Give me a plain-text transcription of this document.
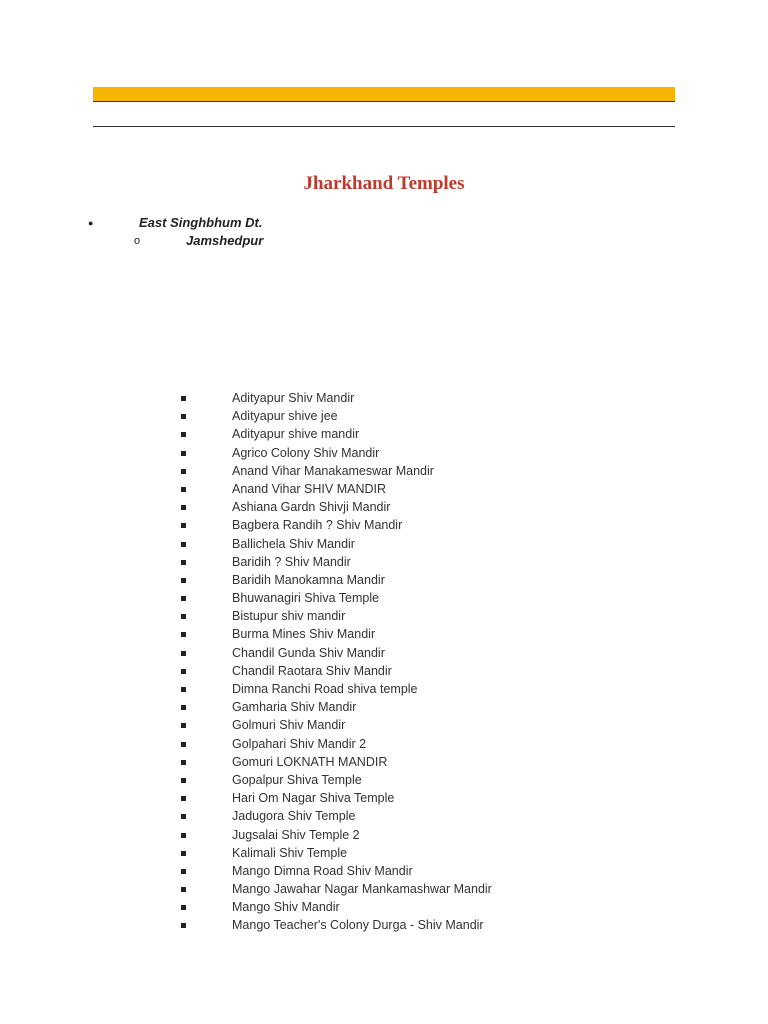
Jharkhand Temples
●	East Singhbhum Dt.
o	Jamshedpur
Adityapur Shiv Mandir
Adityapur shive jee
Adityapur shive mandir
Agrico Colony Shiv Mandir
Anand Vihar Manakameswar Mandir
Anand Vihar SHIV MANDIR
Ashiana Gardn Shivji Mandir
Bagbera Randih ? Shiv Mandir
Ballichela Shiv Mandir
Baridih ? Shiv Mandir
Baridih Manokamna Mandir
Bhuwanagiri Shiva Temple
Bistupur shiv mandir
Burma Mines Shiv Mandir
Chandil Gunda Shiv Mandir
Chandil Raotara Shiv Mandir
Dimna Ranchi Road shiva temple
Gamharia Shiv Mandir
Golmuri Shiv Mandir
Golpahari Shiv Mandir 2
Gomuri LOKNATH MANDIR
Gopalpur Shiva Temple
Hari Om Nagar Shiva Temple
Jadugora Shiv Temple
Jugsalai Shiv Temple 2
Kalimali Shiv Temple
Mango Dimna Road Shiv Mandir
Mango Jawahar Nagar Mankamashwar Mandir
Mango Shiv Mandir
Mango Teacher's Colony Durga - Shiv Mandir
